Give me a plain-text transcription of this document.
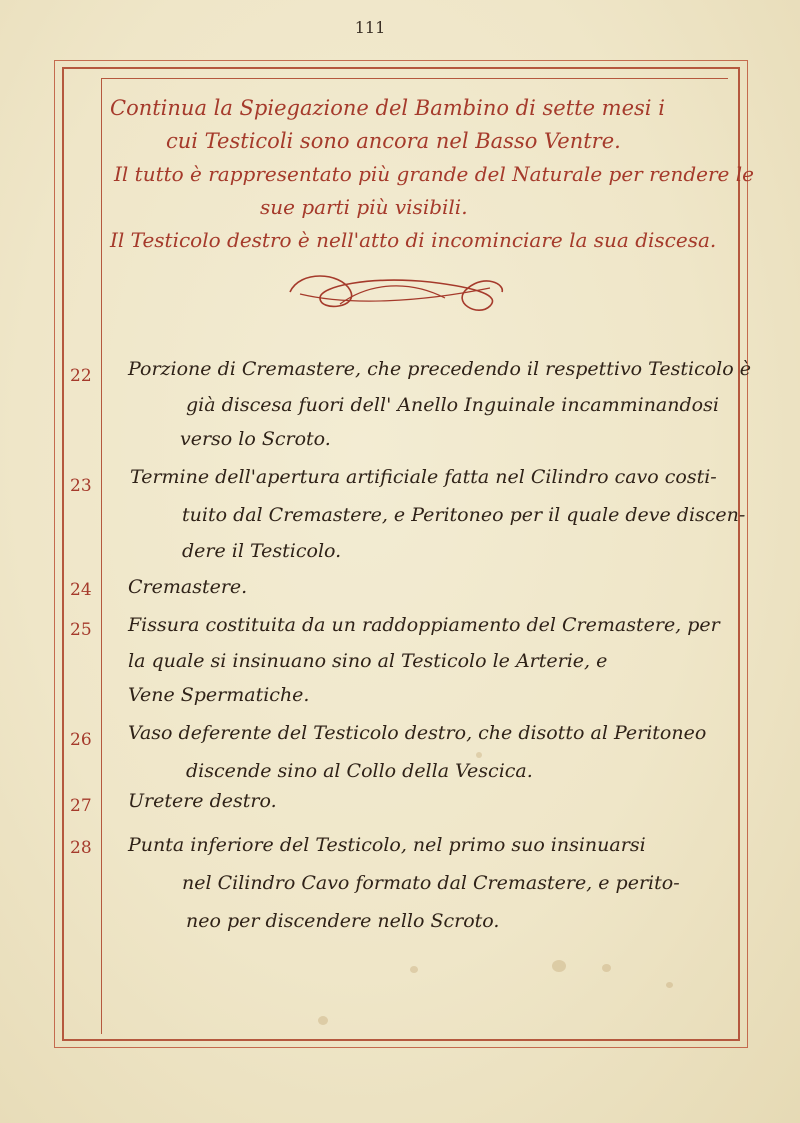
111
Continua la Spiegazione del Bambino di sette mesi i
cui Testicoli sono ancora nel Basso Ventre.
Il tutto è rappresentato più grande del Naturale per rendere le
sue parti più visibili.
Il Testicolo destro è nell'atto di incominciare la sua discesa.
22	Porzione di Cremastere, che precedendo il respettivo Testicolo è
già discesa fuori dell' Anello Inguinale incamminandosi
verso lo Scroto.
23	Termine dell'apertura artificiale fatta nel Cilindro cavo costi-
tuito dal Cremastere, e Peritoneo per il quale deve discen-
dere il Testicolo.
24	Cremastere.
25	Fissura costituita da un raddoppiamento del Cremastere, per
la quale si insinuano sino al Testicolo le Arterie, e
Vene Spermatiche.
26	Vaso deferente del Testicolo destro, che disotto al Peritoneo
discende sino al Collo della Vescica.
27	Uretere destro.
28	Punta inferiore del Testicolo, nel primo suo insinuarsi
nel Cilindro Cavo formato dal Cremastere, e perito-
neo per discendere nello Scroto.
